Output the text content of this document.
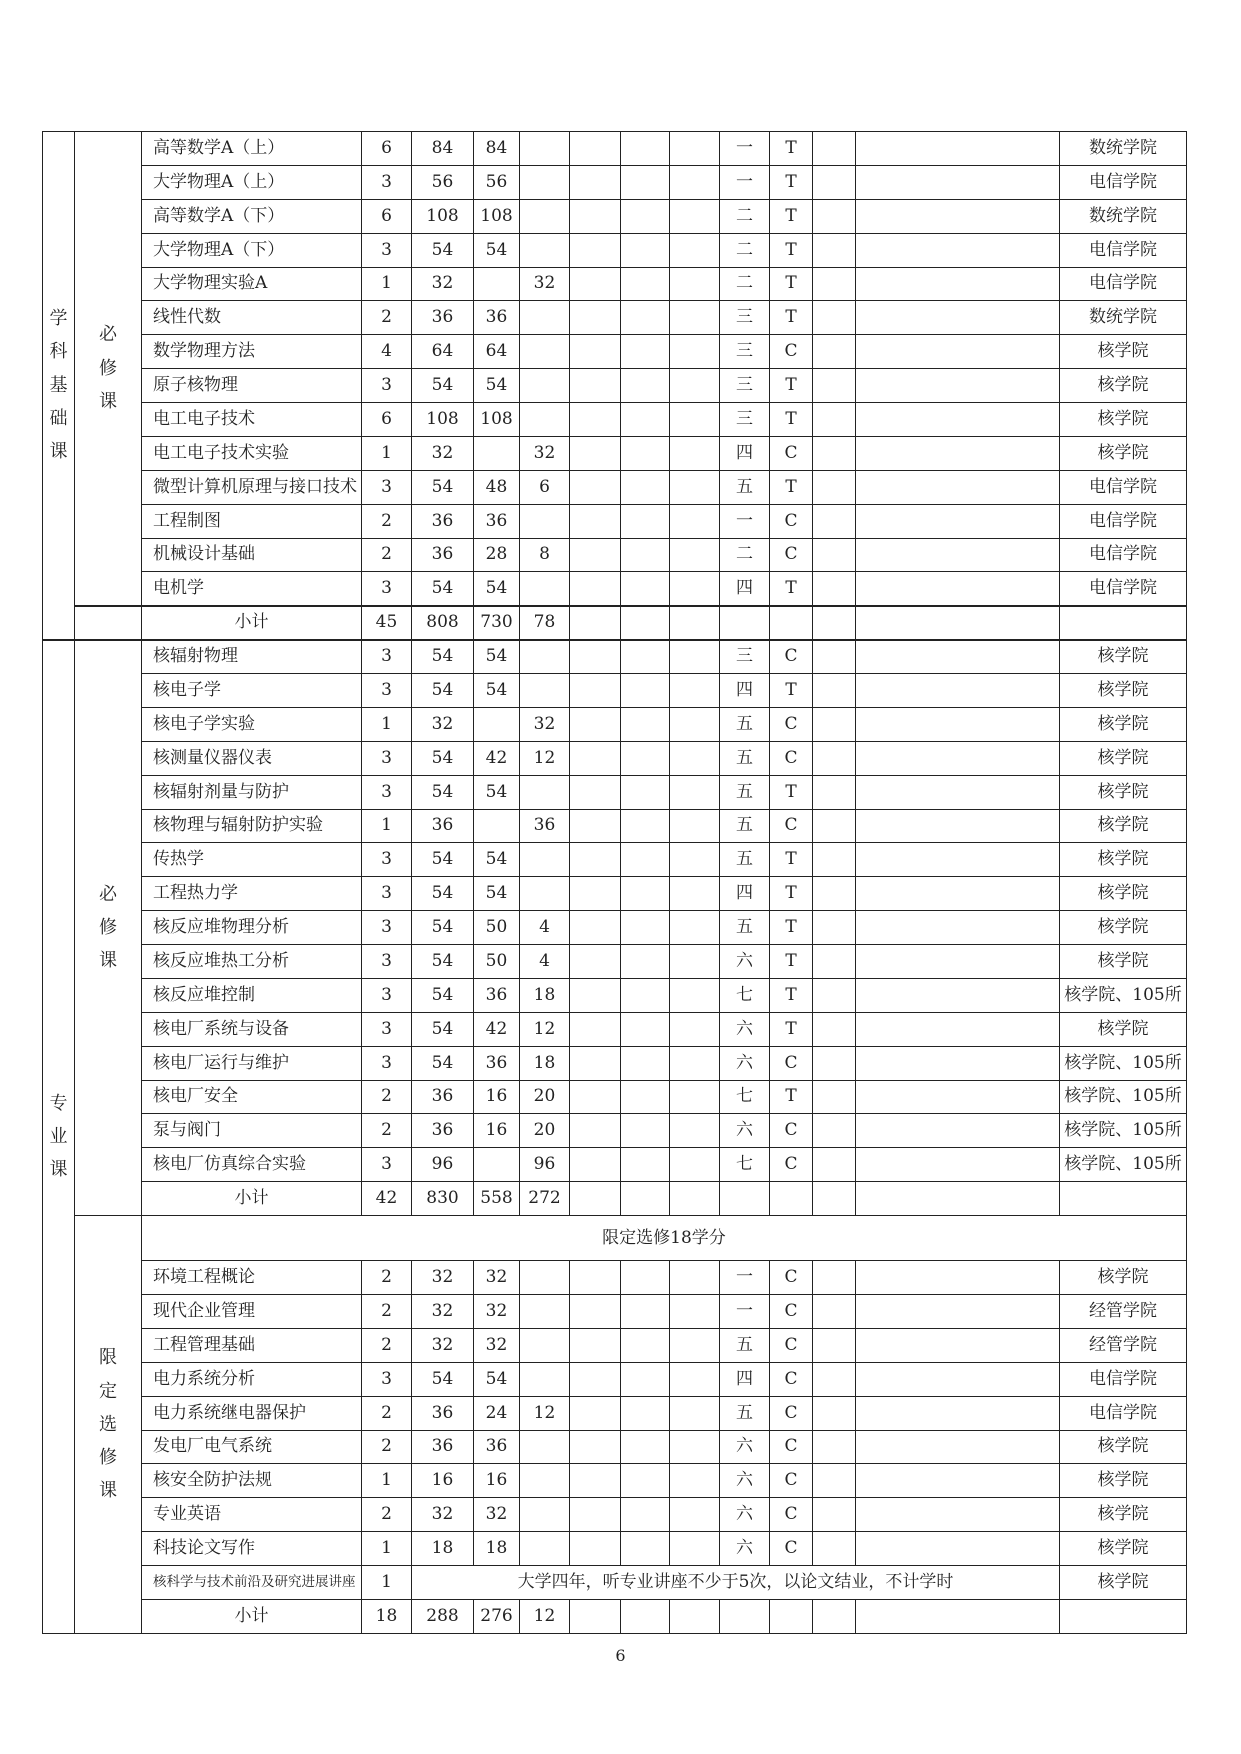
学
科
基
础
课	必
修
课	高等数学A（上）	6	84	84					一	T			数统学院
		大学物理A（上）	3	56	56					一	T			电信学院
		高等数学A（下）	6	108	108					二	T			数统学院
		大学物理A（下）	3	54	54					二	T			电信学院
		大学物理实验A	1	32		32				二	T			电信学院
		线性代数	2	36	36					三	T			数统学院
		数学物理方法	4	64	64					三	C			核学院
		原子核物理	3	54	54					三	T			核学院
		电工电子技术	6	108	108					三	T			核学院
		电工电子技术实验	1	32		32				四	C			核学院
		微型计算机原理与接口技术	3	54	48	6				五	T			电信学院
		工程制图	2	36	36					一	C			电信学院
		机械设计基础	2	36	28	8				二	C			电信学院
		电机学	3	54	54					四	T			电信学院
		小计	45	808	730	78								
专
业
课	必
修
课	核辐射物理	3	54	54					三	C			核学院
		核电子学	3	54	54					四	T			核学院
		核电子学实验	1	32		32				五	C			核学院
		核测量仪器仪表	3	54	42	12				五	C			核学院
		核辐射剂量与防护	3	54	54					五	T			核学院
		核物理与辐射防护实验	1	36		36				五	C			核学院
		传热学	3	54	54					五	T			核学院
		工程热力学	3	54	54					四	T			核学院
		核反应堆物理分析	3	54	50	4				五	T			核学院
		核反应堆热工分析	3	54	50	4				六	T			核学院
		核反应堆控制	3	54	36	18				七	T			核学院、105所
		核电厂系统与设备	3	54	42	12				六	T			核学院
		核电厂运行与维护	3	54	36	18				六	C			核学院、105所
		核电厂安全	2	36	16	20				七	T			核学院、105所
		泵与阀门	2	36	16	20				六	C			核学院、105所
		核电厂仿真综合实验	3	96		96				七	C			核学院、105所
		小计	42	830	558	272								
	限
定
选
修
课	限定选修18学分												
		环境工程概论	2	32	32					一	C			核学院
		现代企业管理	2	32	32					一	C			经管学院
		工程管理基础	2	32	32					五	C			经管学院
		电力系统分析	3	54	54					四	C			电信学院
		电力系统继电器保护	2	36	24	12				五	C			电信学院
		发电厂电气系统	2	36	36					六	C			核学院
		核安全防护法规	1	16	16					六	C			核学院
		专业英语	2	32	32					六	C			核学院
		科技论文写作	1	18	18					六	C			核学院
		核科学与技术前沿及研究进展讲座	1	大学四年，听专业讲座不少于5次，以论文结业，不计学时										核学院
		小计	18	288	276	12								
6
